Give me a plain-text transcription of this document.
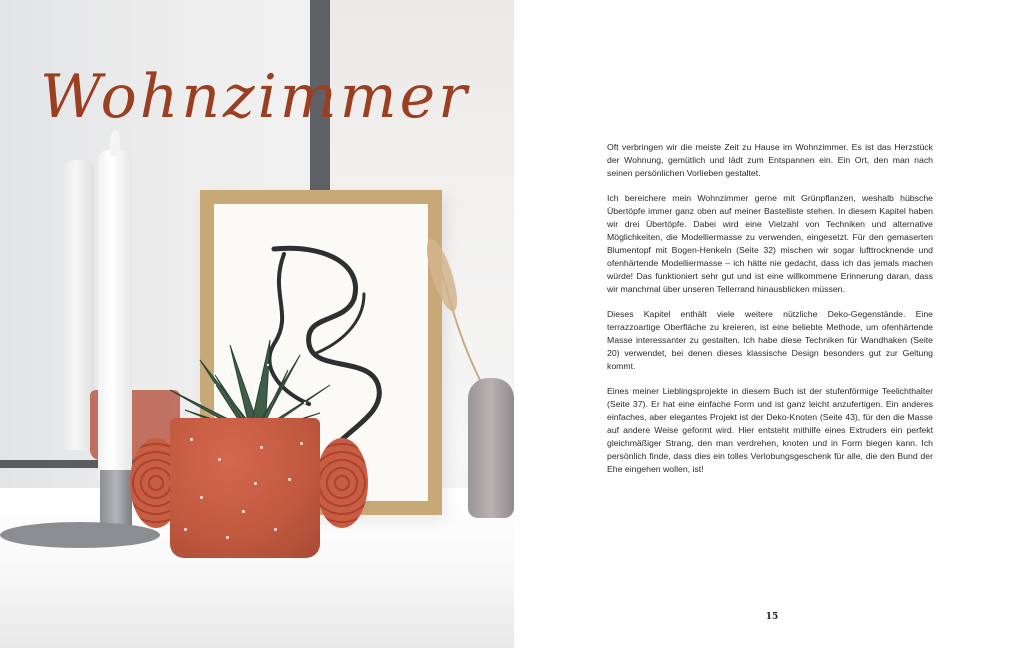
Wohnzimmer

Oft verbringen wir die meiste Zeit zu Hause im Wohnzimmer. Es ist das Herzstück der Wohnung, gemütlich und lädt zum Entspannen ein. Ein Ort, den man nach seinen persönlichen Vorlieben gestaltet.

Ich bereichere mein Wohnzimmer gerne mit Grünpflanzen, weshalb hübsche Übertöpfe immer ganz oben auf meiner Bastelliste stehen. In diesem Kapitel haben wir drei Übertöpfe. Dabei wird eine Vielzahl von Techniken und alternative Möglichkeiten, die Modelliermasse zu verwenden, eingesetzt. Für den gemaserten Blumentopf mit Bogen-Henkeln (Seite 32) mischen wir sogar lufttrocknende und ofenhärtende Modelliermasse – ich hätte nie gedacht, dass ich das jemals machen würde! Das funktioniert sehr gut und ist eine willkommene Erinnerung daran, dass wir manchmal über unseren Tellerrand hinausblicken müssen.

Dieses Kapitel enthält viele weitere nützliche Deko-Gegenstände. Eine terrazzoartige Oberfläche zu kreieren, ist eine beliebte Methode, um ofenhärtende Masse interessanter zu gestalten. Ich habe diese Techniken für Wandhaken (Seite 20) verwendet, bei denen dieses klassische Design besonders gut zur Geltung kommt.

Eines meiner Lieblingsprojekte in diesem Buch ist der stufenförmige Teelichthalter (Seite 37). Er hat eine einfache Form und ist ganz leicht anzufertigen. Ein anderes einfaches, aber elegantes Projekt ist der Deko-Knoten (Seite 43), für den die Masse auf andere Weise geformt wird. Hier entsteht mithilfe eines Extruders ein perfekt gleichmäßiger Strang, den man verdrehen, knoten und in Form biegen kann. Ich persönlich finde, dass dies ein tolles Verlobungsgeschenk für alle, die den Bund der Ehe eingehen wollen, ist!

15
